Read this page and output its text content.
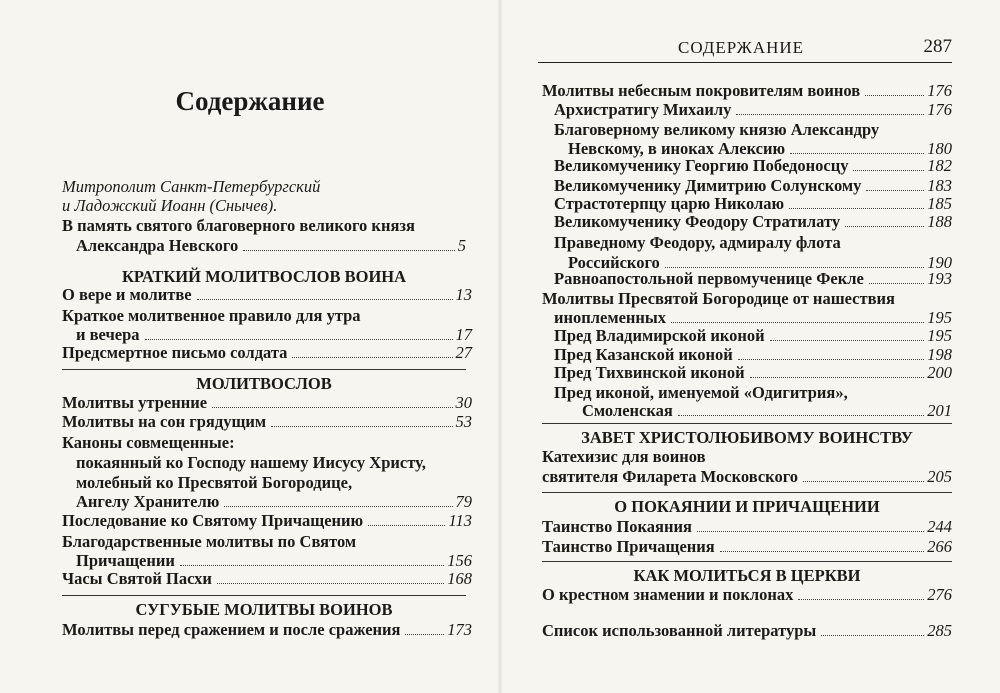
Содержание
Митрополит Санкт-Петербургский
и Ладожский Иоанн (Снычев).
В память святого благоверного великого князя
Александра Невского	5
КРАТКИЙ МОЛИТВОСЛОВ ВОИНА
О вере и молитве	13
Краткое молитвенное правило для утра
и вечера	17
Предсмертное письмо солдата	27
МОЛИТВОСЛОВ
Молитвы утренние	30
Молитвы на сон грядущим	53
Каноны совмещенные:
покаянный ко Господу нашему Иисусу Христу,
молебный ко Пресвятой Богородице,
Ангелу Хранителю	79
Последование ко Святому Причащению	113
Благодарственные молитвы по Святом
Причащении	156
Часы Святой Пасхи	168
СУГУБЫЕ МОЛИТВЫ ВОИНОВ
Молитвы перед сражением и после сражения	173
СОДЕРЖАНИЕ	287
Молитвы небесным покровителям воинов	176
Архистратигу Михаилу	176
Благоверному великому князю Александру
Невскому, в иноках Алексию	180
Великомученику Георгию Победоносцу	182
Великомученику Димитрию Солунскому	183
Страстотерпцу царю Николаю	185
Великомученику Феодору Стратилату	188
Праведному Феодору, адмиралу флота
Российского	190
Равноапостольной первомученице Фекле	193
Молитвы Пресвятой Богородице от нашествия
иноплеменных	195
Пред Владимирской иконой	195
Пред Казанской иконой	198
Пред Тихвинской иконой	200
Пред иконой, именуемой «Одигитрия»,
Смоленская	201
ЗАВЕТ ХРИСТОЛЮБИВОМУ ВОИНСТВУ
Катехизис для воинов
святителя Филарета Московского	205
О ПОКАЯНИИ И ПРИЧАЩЕНИИ
Таинство Покаяния	244
Таинство Причащения	266
КАК МОЛИТЬСЯ В ЦЕРКВИ
О крестном знамении и поклонах	276
Список использованной литературы	285
